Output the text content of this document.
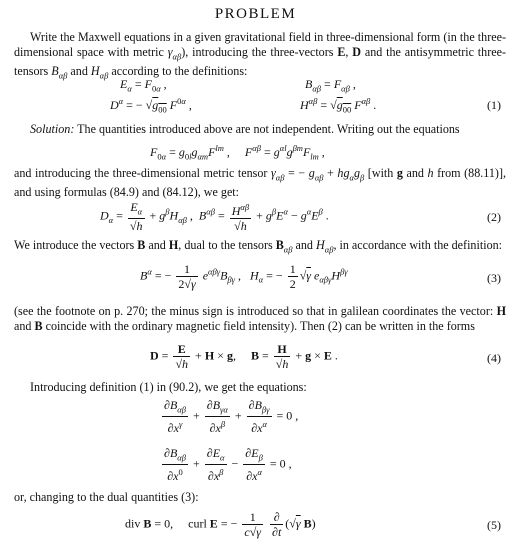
PROBLEM
Write the Maxwell equations in a given gravitational field in three-dimensional form (in the three-dimensional space with metric $\gamma_{\alpha\beta}$), introducing the three-vectors E, D and the antisymmetric three-tensors $B_{\alpha\beta}$ and $H_{\alpha\beta}$ according to the definitions:
$E_\alpha = F_{0\alpha}$ ,	$B_{\alpha\beta} = F_{\alpha\beta}$ ,
$D^\alpha$ = − $√g_{00}$ $F^{0\alpha}$ ,	$H^{\alpha\beta} = √g_{00}$ $F^{\alpha\beta}$ .	(1)
Solution: The quantities introduced above are not independent. Writing out the equations
$F_{0\alpha} = g_{0l}g_{\alpha m}F^{lm}$ ,     $F^{\alpha\beta} = g^{\alpha l}g^{\beta m}F_{lm}$ ,
and introducing the three-dimensional metric tensor $\gamma_{\alpha\beta}$ = − $g_{\alpha\beta} + hg_\alpha g_\beta$ [with g and h from (88.11)], and using formulas (84.9) and (84.12), we get:
$D_\alpha = \frac{E_\alpha}{√h} + g^\beta H_{\alpha\beta}$ ,  $B^{\alpha\beta} = \frac{H^{\alpha\beta}}{√h} + g^\beta E^\alpha - g^\alpha E^\beta$ .	(2)
We introduce the vectors B and H, dual to the tensors $B_{\alpha\beta}$ and $H_{\alpha\beta}$, in accordance with the definition:
$B^\alpha$ = − $\frac{1}{2√\gamma} e^{\alpha\beta\gamma}B_{\beta\gamma}$ ,   $H_\alpha$ = − $\frac{1}{2} √\gamma$ $e_{\alpha\beta\gamma}H^{\beta\gamma}$	(3)
(see the footnote on p. 270; the minus sign is introduced so that in galilean coordinates the vector: H and B coincide with the ordinary magnetic field intensity). Then (2) can be written in the forms
$D = \frac{E}{√h} + H \times g$,     $B = \frac{H}{√h} + g \times E$ .	(4)
Introducing definition (1) in (90.2), we get the equations:
$\frac{\partial B_{\alpha\beta}}{\partial x^\gamma} + \frac{\partial B_{\gamma\alpha}}{\partial x^\beta} + \frac{\partial B_{\beta\gamma}}{\partial x^\alpha} = 0$ ,
$\frac{\partial B_{\alpha\beta}}{\partial x^0} + \frac{\partial E_\alpha}{\partial x^\beta} - \frac{\partial E_\beta}{\partial x^\alpha} = 0$ ,
or, changing to the dual quantities (3):
div B = 0,     curl E = − $\frac{1}{c√\gamma}$
$\frac{\partial}{\partial t} (√\gamma$ B)	(5)
